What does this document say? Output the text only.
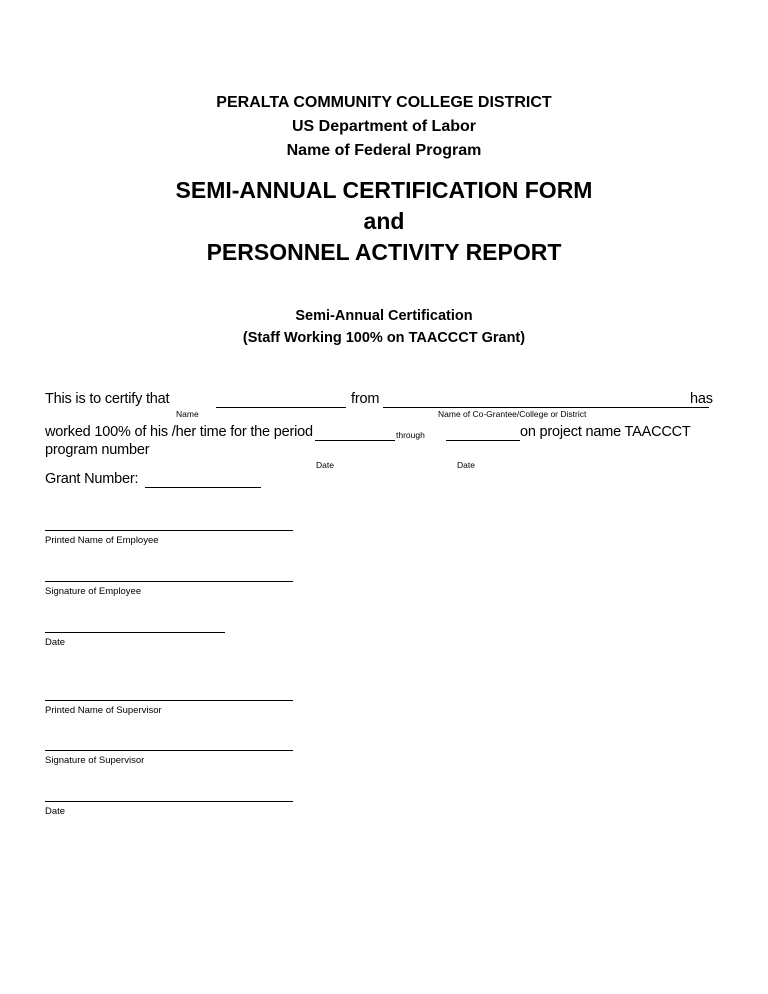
PERALTA COMMUNITY COLLEGE DISTRICT
US Department of Labor
Name of Federal Program
SEMI-ANNUAL CERTIFICATION FORM
and
PERSONNEL ACTIVITY REPORT
Semi-Annual Certification
(Staff Working 100% on TAACCCT Grant)
This is to certify that	from	has
Name	Name of Co-Grantee/College or District
worked 100% of his /her time for the period	through	on project name TAACCCT
program number
Date	Date
Grant Number:
Printed Name of Employee
Signature of Employee
Date
Printed Name of Supervisor
Signature of Supervisor
Date
